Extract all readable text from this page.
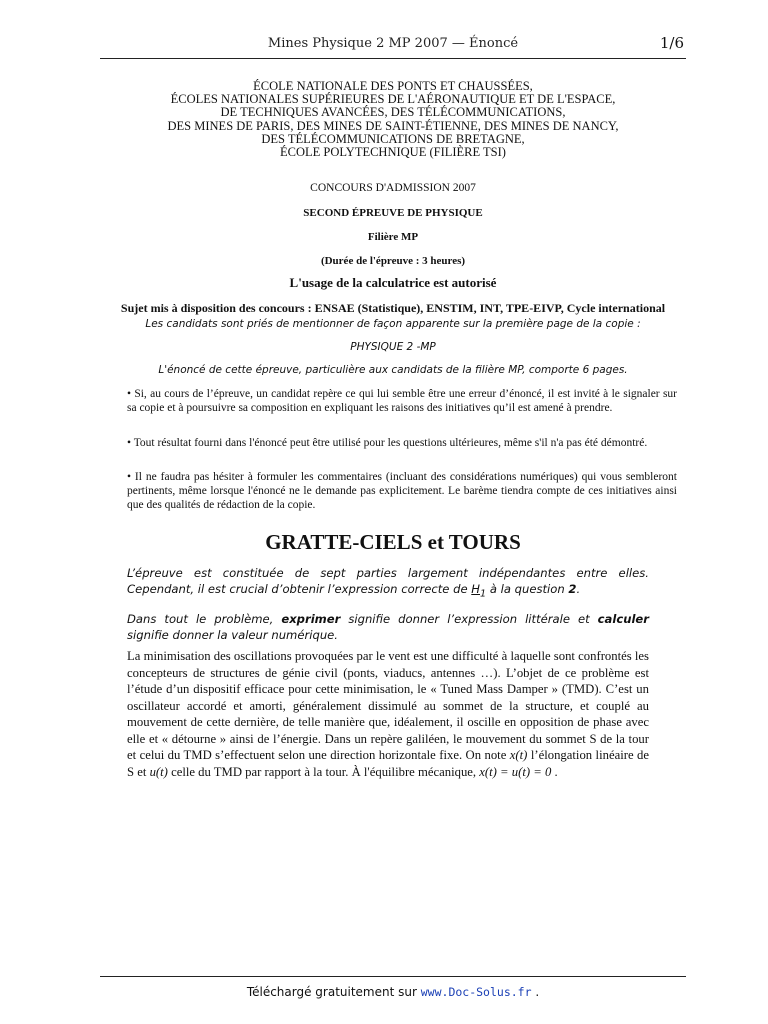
Mines Physique 2 MP 2007 — Énoncé	1/6
ÉCOLE NATIONALE DES PONTS ET CHAUSSÉES,
ÉCOLES NATIONALES SUPÉRIEURES DE L'AÉRONAUTIQUE ET DE L'ESPACE,
DE TECHNIQUES AVANCÉES, DES TÉLÉCOMMUNICATIONS,
DES MINES DE PARIS, DES MINES DE SAINT-ÉTIENNE, DES MINES DE NANCY,
DES TÉLÉCOMMUNICATIONS DE BRETAGNE,
ÉCOLE POLYTECHNIQUE (FILIÈRE TSI)
CONCOURS D'ADMISSION 2007
SECOND ÉPREUVE DE PHYSIQUE
Filière MP
(Durée de l'épreuve : 3 heures)
L'usage de la calculatrice est autorisé
Sujet mis à disposition des concours : ENSAE (Statistique), ENSTIM, INT, TPE-EIVP, Cycle international
Les candidats sont priés de mentionner de façon apparente sur la première page de la copie :
PHYSIQUE 2 -MP
L'énoncé de cette épreuve, particulière aux candidats de la filière MP, comporte 6 pages.
• Si, au cours de l’épreuve, un candidat repère ce qui lui semble être une erreur d’énoncé, il est invité à le signaler sur sa copie et à poursuivre sa composition en expliquant les raisons des initiatives qu’il est amené à prendre.
• Tout résultat fourni dans l'énoncé peut être utilisé pour les questions ultérieures, même s'il n'a pas été démontré.
• Il ne faudra pas hésiter à formuler les commentaires (incluant des considérations numériques) qui vous sembleront pertinents, même lorsque l'énoncé ne le demande pas explicitement. Le barème tiendra compte de ces initiatives ainsi que des qualités de rédaction de la copie.
GRATTE-CIELS et TOURS
L’épreuve est constituée de sept parties largement indépendantes entre elles. Cependant, il est crucial d’obtenir l’expression correcte de $H_1$ à la question 2.
Dans tout le problème, exprimer signifie donner l’expression littérale et calculer signifie donner la valeur numérique.
La minimisation des oscillations provoquées par le vent est une difficulté à laquelle sont confrontés les concepteurs de structures de génie civil (ponts, viaducs, antennes …). L’objet de ce problème est l’étude d’un dispositif efficace pour cette minimisation, le « Tuned Mass Damper » (TMD). C’est un oscillateur accordé et amorti, généralement dissimulé au sommet de la structure, et couplé au mouvement de cette dernière, de telle manière que, idéalement, il oscille en opposition de phase avec elle et « détourne » ainsi de l’énergie. Dans un repère galiléen, le mouvement du sommet S de la tour et celui du TMD s’effectuent selon une direction horizontale fixe. On note x(t) l’élongation linéaire de S et u(t) celle du TMD par rapport à la tour. À l'équilibre mécanique, x(t) = u(t) = 0 .
Téléchargé gratuitement sur www.Doc-Solus.fr .
